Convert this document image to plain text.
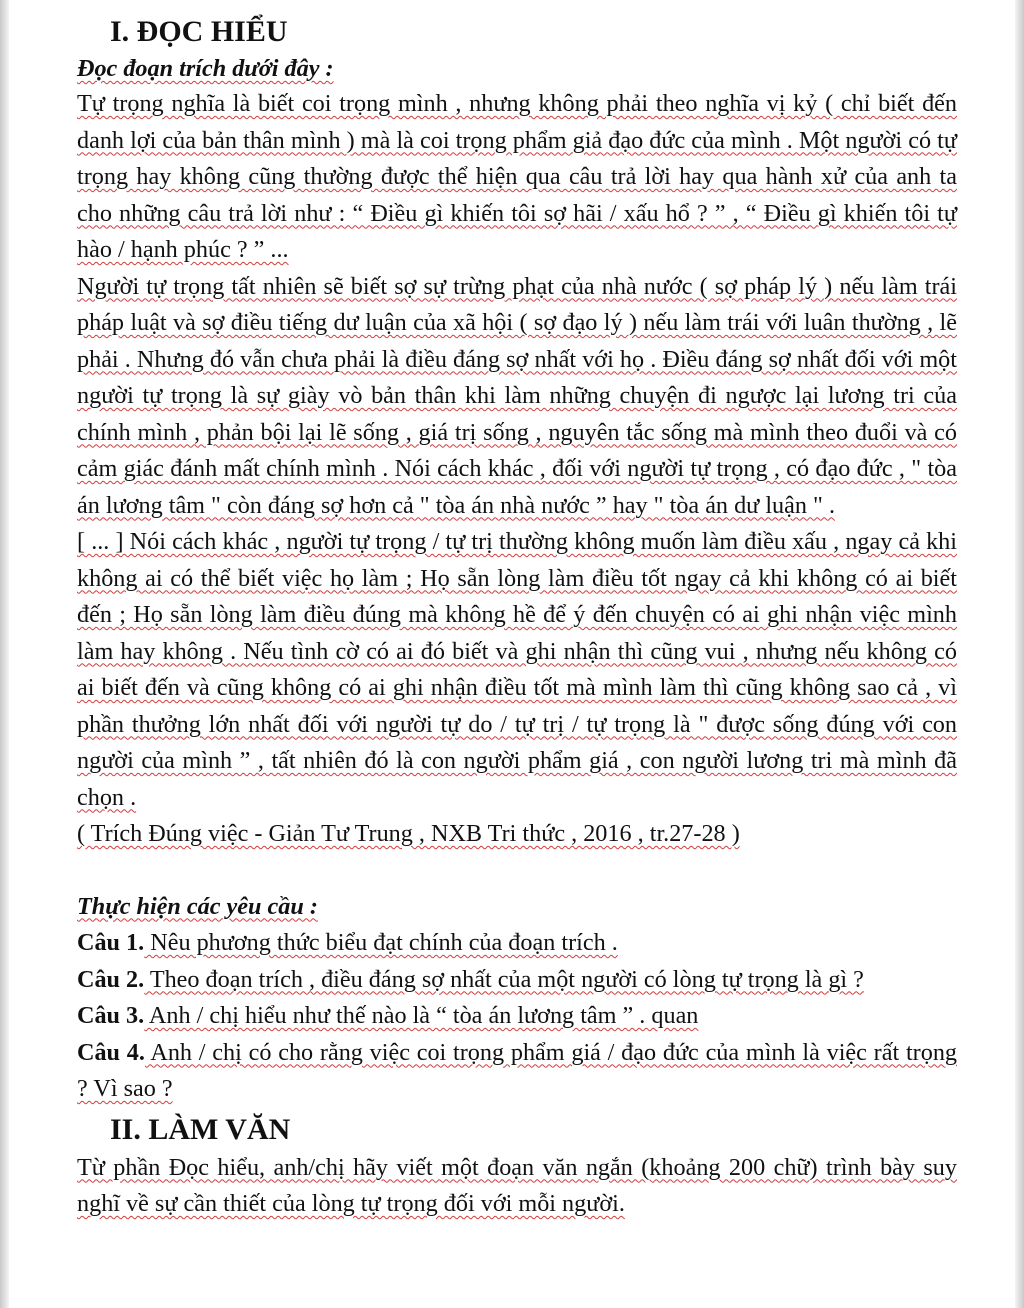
I. ĐỌC HIỂU
Đọc đoạn trích dưới đây :
Tự trọng nghĩa là biết coi trọng mình , nhưng không phải theo nghĩa vị kỷ ( chỉ biết đến danh lợi của bản thân mình ) mà là coi trọng phẩm giả đạo đức của mình . Một người có tự trọng hay không cũng thường được thể hiện qua câu trả lời hay qua hành xử của anh ta cho những câu trả lời như : “ Điều gì khiến tôi sợ hãi / xấu hổ ? ” , “ Điều gì khiến tôi tự hào / hạnh phúc ? ” ...
Người tự trọng tất nhiên sẽ biết sợ sự trừng phạt của nhà nước ( sợ pháp lý ) nếu làm trái pháp luật và sợ điều tiếng dư luận của xã hội ( sợ đạo lý ) nếu làm trái với luân thường , lẽ phải . Nhưng đó vẫn chưa phải là điều đáng sợ nhất với họ . Điều đáng sợ nhất đối với một người tự trọng là sự giày vò bản thân khi làm những chuyện đi ngược lại lương tri của chính mình , phản bội lại lẽ sống , giá trị sống , nguyên tắc sống mà mình theo đuổi và có cảm giác đánh mất chính mình . Nói cách khác , đối với người tự trọng , có đạo đức , " tòa án lương tâm " còn đáng sợ hơn cả " tòa án nhà nước ” hay " tòa án dư luận " .
[ ... ] Nói cách khác , người tự trọng / tự trị thường không muốn làm điều xấu , ngay cả khi không ai có thể biết việc họ làm ; Họ sẵn lòng làm điều tốt ngay cả khi không có ai biết đến ; Họ sẵn lòng làm điều đúng mà không hề để ý đến chuyện có ai ghi nhận việc mình làm hay không . Nếu tình cờ có ai đó biết và ghi nhận thì cũng vui , nhưng nếu không có ai biết đến và cũng không có ai ghi nhận điều tốt mà mình làm thì cũng không sao cả , vì phần thưởng lớn nhất đối với người tự do / tự trị / tự trọng là " được sống đúng với con người của mình ” , tất nhiên đó là con người phẩm giá , con người lương tri mà mình đã chọn .
( Trích Đúng việc - Giản Tư Trung , NXB Tri thức , 2016 , tr.27-28 )
Thực hiện các yêu cầu :
Câu 1. Nêu phương thức biểu đạt chính của đoạn trích .
Câu 2. Theo đoạn trích , điều đáng sợ nhất của một người có lòng tự trọng là gì ?
Câu 3. Anh / chị hiểu như thế nào là “ tòa án lương tâm ” . quan
Câu 4. Anh / chị có cho rằng việc coi trọng phẩm giá / đạo đức của mình là việc rất trọng ? Vì sao ?
II. LÀM VĂN
Từ phần Đọc hiểu, anh/chị hãy viết một đoạn văn ngắn (khoảng 200 chữ) trình bày suy nghĩ về sự cần thiết của lòng tự trọng đối với mỗi người.
